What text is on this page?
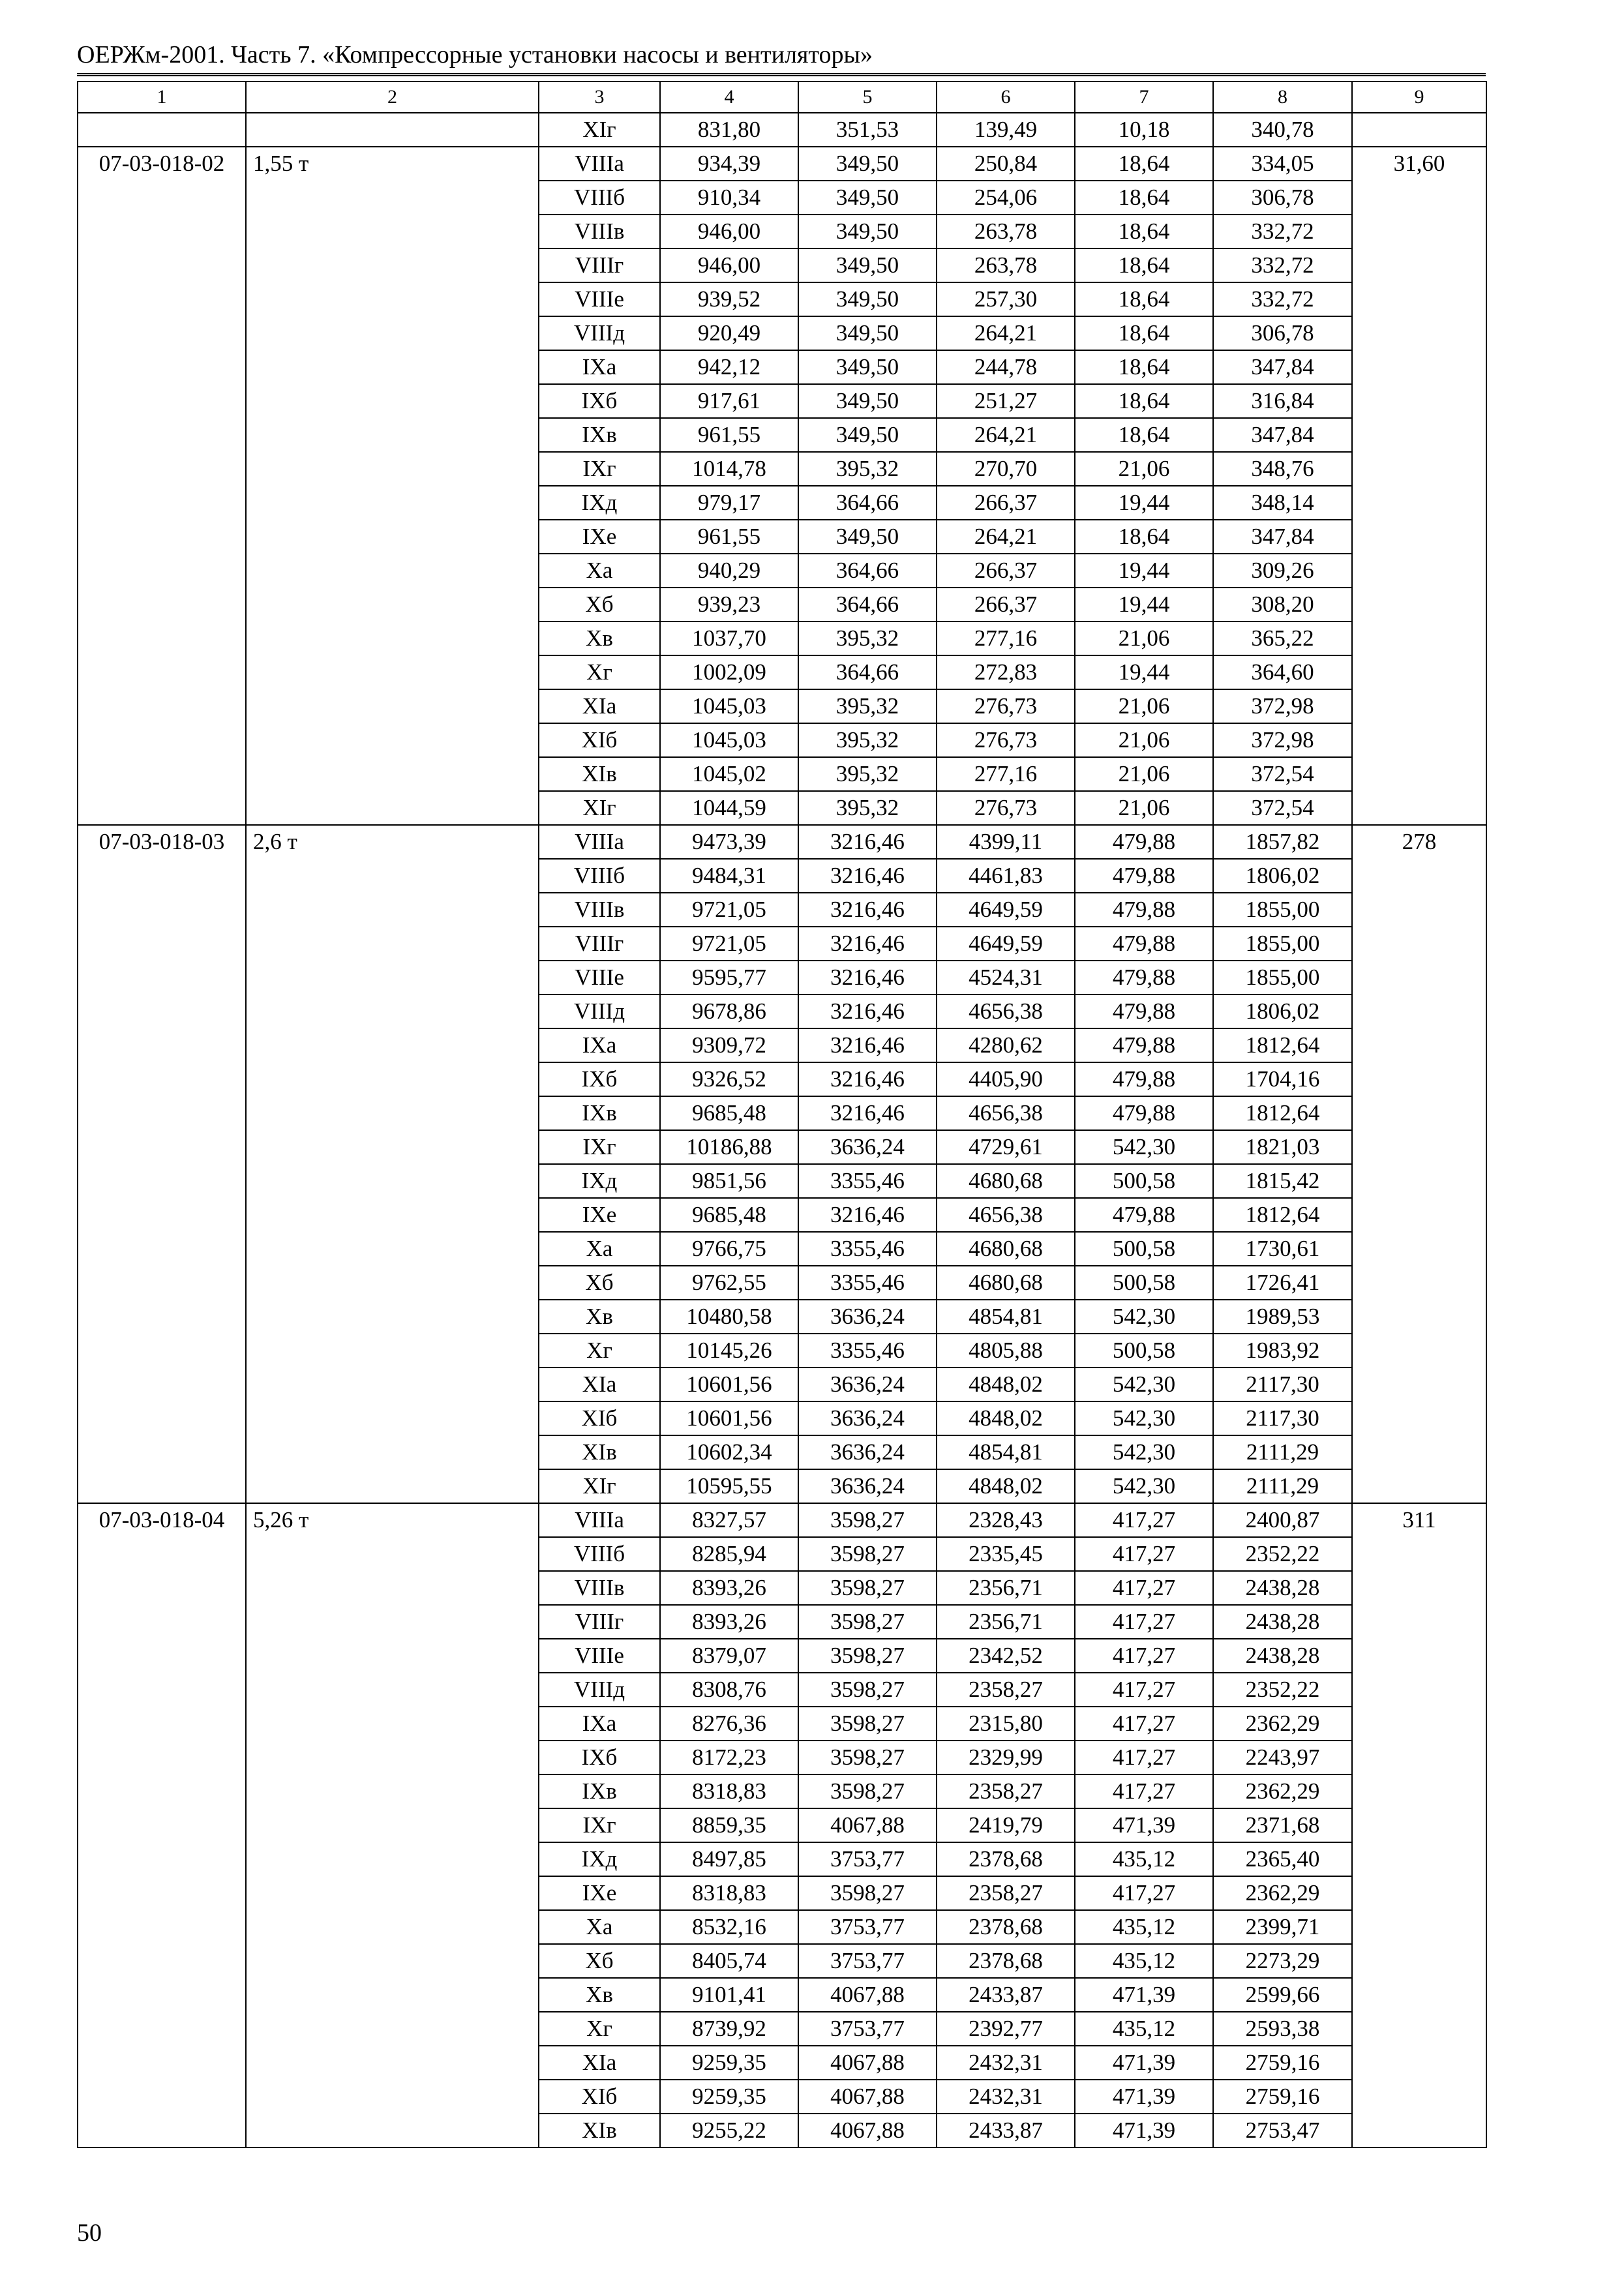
ОЕРЖм-2001. Часть 7. «Компрессорные установки насосы и вентиляторы»
1	2	3	4	5	6	7	8	9
		XIг	831,80	351,53	139,49	10,18	340,78	
07-03-018-02	1,55 т	VIIIа	934,39	349,50	250,84	18,64	334,05	31,60
		VIIIб	910,34	349,50	254,06	18,64	306,78	
		VIIIв	946,00	349,50	263,78	18,64	332,72	
		VIIIг	946,00	349,50	263,78	18,64	332,72	
		VIIIе	939,52	349,50	257,30	18,64	332,72	
		VIIIд	920,49	349,50	264,21	18,64	306,78	
		IXа	942,12	349,50	244,78	18,64	347,84	
		IXб	917,61	349,50	251,27	18,64	316,84	
		IXв	961,55	349,50	264,21	18,64	347,84	
		IXг	1014,78	395,32	270,70	21,06	348,76	
		IXд	979,17	364,66	266,37	19,44	348,14	
		IXе	961,55	349,50	264,21	18,64	347,84	
		Xа	940,29	364,66	266,37	19,44	309,26	
		Xб	939,23	364,66	266,37	19,44	308,20	
		Xв	1037,70	395,32	277,16	21,06	365,22	
		Xг	1002,09	364,66	272,83	19,44	364,60	
		XIа	1045,03	395,32	276,73	21,06	372,98	
		XIб	1045,03	395,32	276,73	21,06	372,98	
		XIв	1045,02	395,32	277,16	21,06	372,54	
		XIг	1044,59	395,32	276,73	21,06	372,54	
07-03-018-03	2,6 т	VIIIа	9473,39	3216,46	4399,11	479,88	1857,82	278
		VIIIб	9484,31	3216,46	4461,83	479,88	1806,02	
		VIIIв	9721,05	3216,46	4649,59	479,88	1855,00	
		VIIIг	9721,05	3216,46	4649,59	479,88	1855,00	
		VIIIе	9595,77	3216,46	4524,31	479,88	1855,00	
		VIIIд	9678,86	3216,46	4656,38	479,88	1806,02	
		IXа	9309,72	3216,46	4280,62	479,88	1812,64	
		IXб	9326,52	3216,46	4405,90	479,88	1704,16	
		IXв	9685,48	3216,46	4656,38	479,88	1812,64	
		IXг	10186,88	3636,24	4729,61	542,30	1821,03	
		IXд	9851,56	3355,46	4680,68	500,58	1815,42	
		IXе	9685,48	3216,46	4656,38	479,88	1812,64	
		Xа	9766,75	3355,46	4680,68	500,58	1730,61	
		Xб	9762,55	3355,46	4680,68	500,58	1726,41	
		Xв	10480,58	3636,24	4854,81	542,30	1989,53	
		Xг	10145,26	3355,46	4805,88	500,58	1983,92	
		XIа	10601,56	3636,24	4848,02	542,30	2117,30	
		XIб	10601,56	3636,24	4848,02	542,30	2117,30	
		XIв	10602,34	3636,24	4854,81	542,30	2111,29	
		XIг	10595,55	3636,24	4848,02	542,30	2111,29	
07-03-018-04	5,26 т	VIIIа	8327,57	3598,27	2328,43	417,27	2400,87	311
		VIIIб	8285,94	3598,27	2335,45	417,27	2352,22	
		VIIIв	8393,26	3598,27	2356,71	417,27	2438,28	
		VIIIг	8393,26	3598,27	2356,71	417,27	2438,28	
		VIIIе	8379,07	3598,27	2342,52	417,27	2438,28	
		VIIIд	8308,76	3598,27	2358,27	417,27	2352,22	
		IXа	8276,36	3598,27	2315,80	417,27	2362,29	
		IXб	8172,23	3598,27	2329,99	417,27	2243,97	
		IXв	8318,83	3598,27	2358,27	417,27	2362,29	
		IXг	8859,35	4067,88	2419,79	471,39	2371,68	
		IXд	8497,85	3753,77	2378,68	435,12	2365,40	
		IXе	8318,83	3598,27	2358,27	417,27	2362,29	
		Xа	8532,16	3753,77	2378,68	435,12	2399,71	
		Xб	8405,74	3753,77	2378,68	435,12	2273,29	
		Xв	9101,41	4067,88	2433,87	471,39	2599,66	
		Xг	8739,92	3753,77	2392,77	435,12	2593,38	
		XIа	9259,35	4067,88	2432,31	471,39	2759,16	
		XIб	9259,35	4067,88	2432,31	471,39	2759,16	
		XIв	9255,22	4067,88	2433,87	471,39	2753,47	
50
